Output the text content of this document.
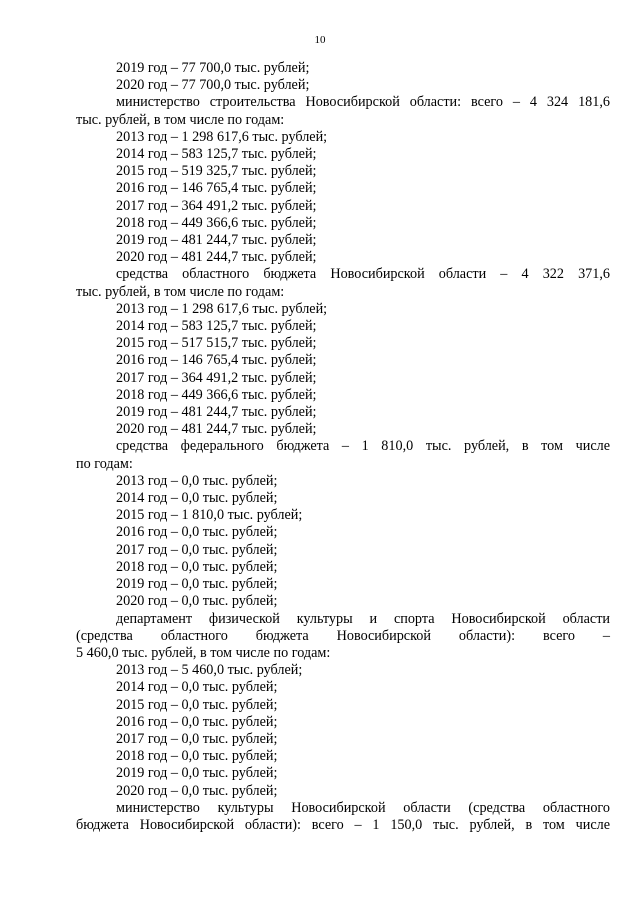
10
2019 год – 77 700,0 тыс. рублей;
2020 год – 77 700,0 тыс. рублей;
министерство строительства Новосибирской области: всего – 4 324 181,6
тыс. рублей, в том числе по годам:
2013 год – 1 298 617,6 тыс. рублей;
2014 год – 583 125,7 тыс. рублей;
2015 год – 519 325,7 тыс. рублей;
2016 год – 146 765,4 тыс. рублей;
2017 год – 364 491,2 тыс. рублей;
2018 год – 449 366,6 тыс. рублей;
2019 год – 481 244,7 тыс. рублей;
2020 год – 481 244,7 тыс. рублей;
средства областного бюджета Новосибирской области – 4 322 371,6
тыс. рублей, в том числе по годам:
2013 год – 1 298 617,6 тыс. рублей;
2014 год – 583 125,7 тыс. рублей;
2015 год – 517 515,7 тыс. рублей;
2016 год – 146 765,4 тыс. рублей;
2017 год – 364 491,2 тыс. рублей;
2018 год – 449 366,6 тыс. рублей;
2019 год – 481 244,7 тыс. рублей;
2020 год – 481 244,7 тыс. рублей;
средства федерального бюджета – 1 810,0 тыс. рублей, в том числе
по годам:
2013 год – 0,0 тыс. рублей;
2014 год – 0,0 тыс. рублей;
2015 год – 1 810,0 тыс. рублей;
2016 год – 0,0 тыс. рублей;
2017 год – 0,0 тыс. рублей;
2018 год – 0,0 тыс. рублей;
2019 год – 0,0 тыс. рублей;
2020 год – 0,0 тыс. рублей;
департамент физической культуры и спорта Новосибирской области
(средства областного бюджета Новосибирской области): всего –
5 460,0 тыс. рублей, в том числе по годам:
2013 год – 5 460,0 тыс. рублей;
2014 год – 0,0 тыс. рублей;
2015 год – 0,0 тыс. рублей;
2016 год – 0,0 тыс. рублей;
2017 год – 0,0 тыс. рублей;
2018 год – 0,0 тыс. рублей;
2019 год – 0,0 тыс. рублей;
2020 год – 0,0 тыс. рублей;
министерство культуры Новосибирской области (средства областного
бюджета Новосибирской области): всего – 1 150,0 тыс. рублей, в том числе
